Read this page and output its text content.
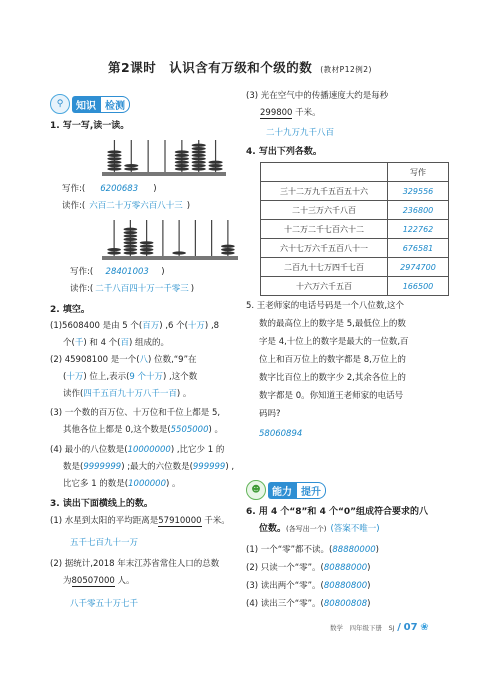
第2课时　认识含有万级和个级的数 (教材P12例2)
⚲	知识 检测
1. 写一写,读一读。
写作:( 6200683 )
读作:( 六百二十万零六百八十三 )
写作:( 28401003 )
读作:( 二千八百四十万一千零三 )
2. 填空。
(1)5608400 是由 5 个(百万) ,6 个(十万) ,8
个(千) 和 4 个(百) 组成的。
(2) 45908100 是一个(八) 位数,“9”在
(十万) 位上,表示(9 个十万) ,这个数
读作(四千五百九十万八千一百) 。
(3) 一个数的百万位、十万位和千位上都是 5,
其他各位上都是 0,这个数是(5505000) 。
(4) 最小的八位数是(10000000) ,比它少 1 的
数是(9999999) ;最大的六位数是(999999) ,
比它多 1 的数是(1000000) 。
3. 读出下面横线上的数。
(1) 水星到太阳的平均距离是57910000 千米。
五千七百九十一万
(2) 据统计,2018 年末江苏省常住人口的总数
为80507000 人。
八千零五十万七千
(3) 光在空气中的传播速度大约是每秒
299800 千米。
二十九万九千八百
4. 写出下列各数。
	写作
三十二万九千五百五十六	329556
二十三万六千八百	236800
十二万二千七百六十二	122762
六十七万六千五百八十一	676581
二百九十七万四千七百	2974700
十六万六千五百	166500
5. 王老师家的电话号码是一个八位数,这个
数的最高位上的数字是 5,最低位上的数
字是 4,十位上的数字是最大的一位数,百
位上和百万位上的数字都是 8,万位上的
数字比百位上的数字少 2,其余各位上的
数字都是 0。你知道王老师家的电话号
码吗?
58060894
☻	能力 提升
6. 用 4 个“8”和 4 个“0”组成符合要求的八
位数。(各写出一个) (答案不唯一)
(1) 一个“零”都不读。(88880000)
(2) 只读一个“零”。(80888000)
(3) 读出两个“零”。(80880800)
(4) 读出三个“零”。(80800808)
数学　四年级下册　SJ / 07 ❀
